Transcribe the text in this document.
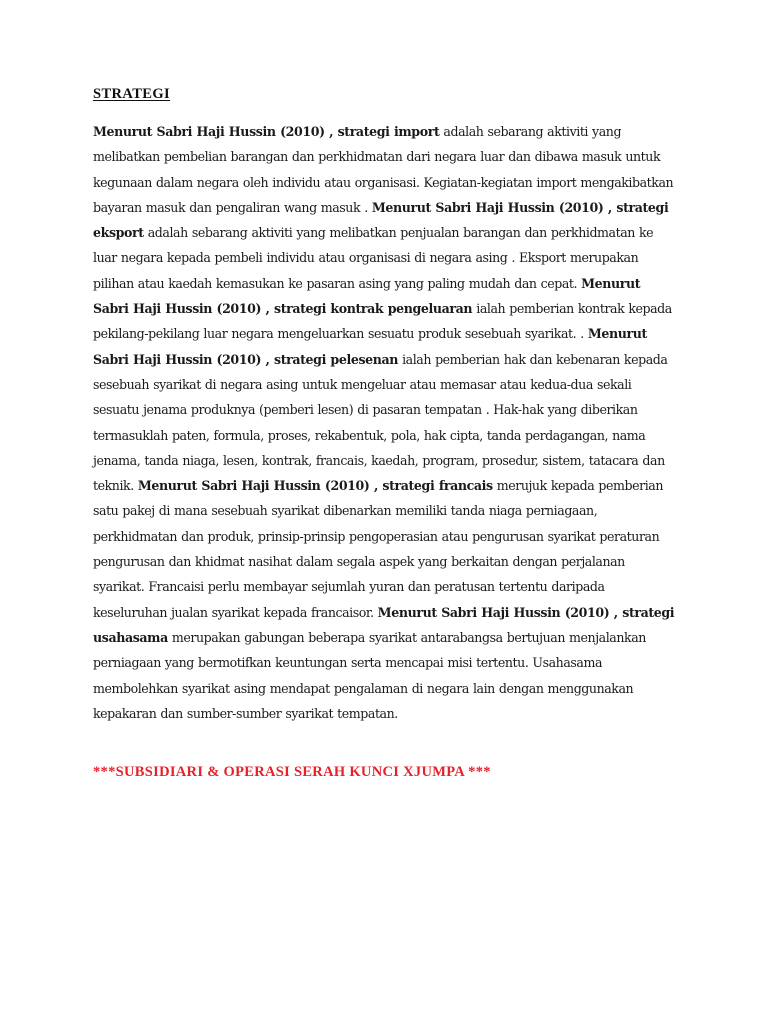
STRATEGI

Menurut Sabri Haji Hussin (2010) , strategi import adalah sebarang aktiviti yang melibatkan pembelian barangan dan perkhidmatan dari negara luar dan dibawa masuk untuk kegunaan dalam negara oleh individu atau organisasi. Kegiatan-kegiatan import mengakibatkan bayaran masuk dan pengaliran wang masuk . Menurut Sabri Haji Hussin (2010) , strategi eksport adalah sebarang aktiviti yang melibatkan penjualan barangan dan perkhidmatan ke luar negara kepada pembeli individu atau organisasi di negara asing . Eksport merupakan pilihan atau kaedah kemasukan ke pasaran asing yang paling mudah dan cepat. Menurut Sabri Haji Hussin (2010) , strategi kontrak pengeluaran ialah pemberian kontrak kepada pekilang-pekilang luar negara mengeluarkan sesuatu produk sesebuah syarikat. . Menurut Sabri Haji Hussin (2010) , strategi pelesenan ialah pemberian hak dan kebenaran kepada sesebuah syarikat di negara asing untuk mengeluar atau memasar atau kedua-dua sekali sesuatu jenama produknya (pemberi lesen) di pasaran tempatan . Hak-hak yang diberikan termasuklah paten, formula, proses, rekabentuk, pola, hak cipta, tanda perdagangan, nama jenama, tanda niaga, lesen, kontrak, francais, kaedah, program, prosedur, sistem, tatacara dan teknik. Menurut Sabri Haji Hussin (2010) , strategi francais merujuk kepada pemberian satu pakej di mana sesebuah syarikat dibenarkan memiliki tanda niaga perniagaan, perkhidmatan dan produk, prinsip-prinsip pengoperasian atau pengurusan syarikat peraturan pengurusan dan khidmat nasihat dalam segala aspek yang berkaitan dengan perjalanan syarikat. Francaisi perlu membayar sejumlah yuran dan peratusan tertentu daripada keseluruhan jualan syarikat kepada francaisor. Menurut Sabri Haji Hussin (2010) , strategi usahasama merupakan gabungan beberapa syarikat antarabangsa bertujuan menjalankan perniagaan yang bermotifkan keuntungan serta mencapai misi tertentu. Usahasama membolehkan syarikat asing mendapat pengalaman di negara lain dengan menggunakan kepakaran dan sumber-sumber syarikat tempatan.

***SUBSIDIARI & OPERASI SERAH KUNCI XJUMPA ***
